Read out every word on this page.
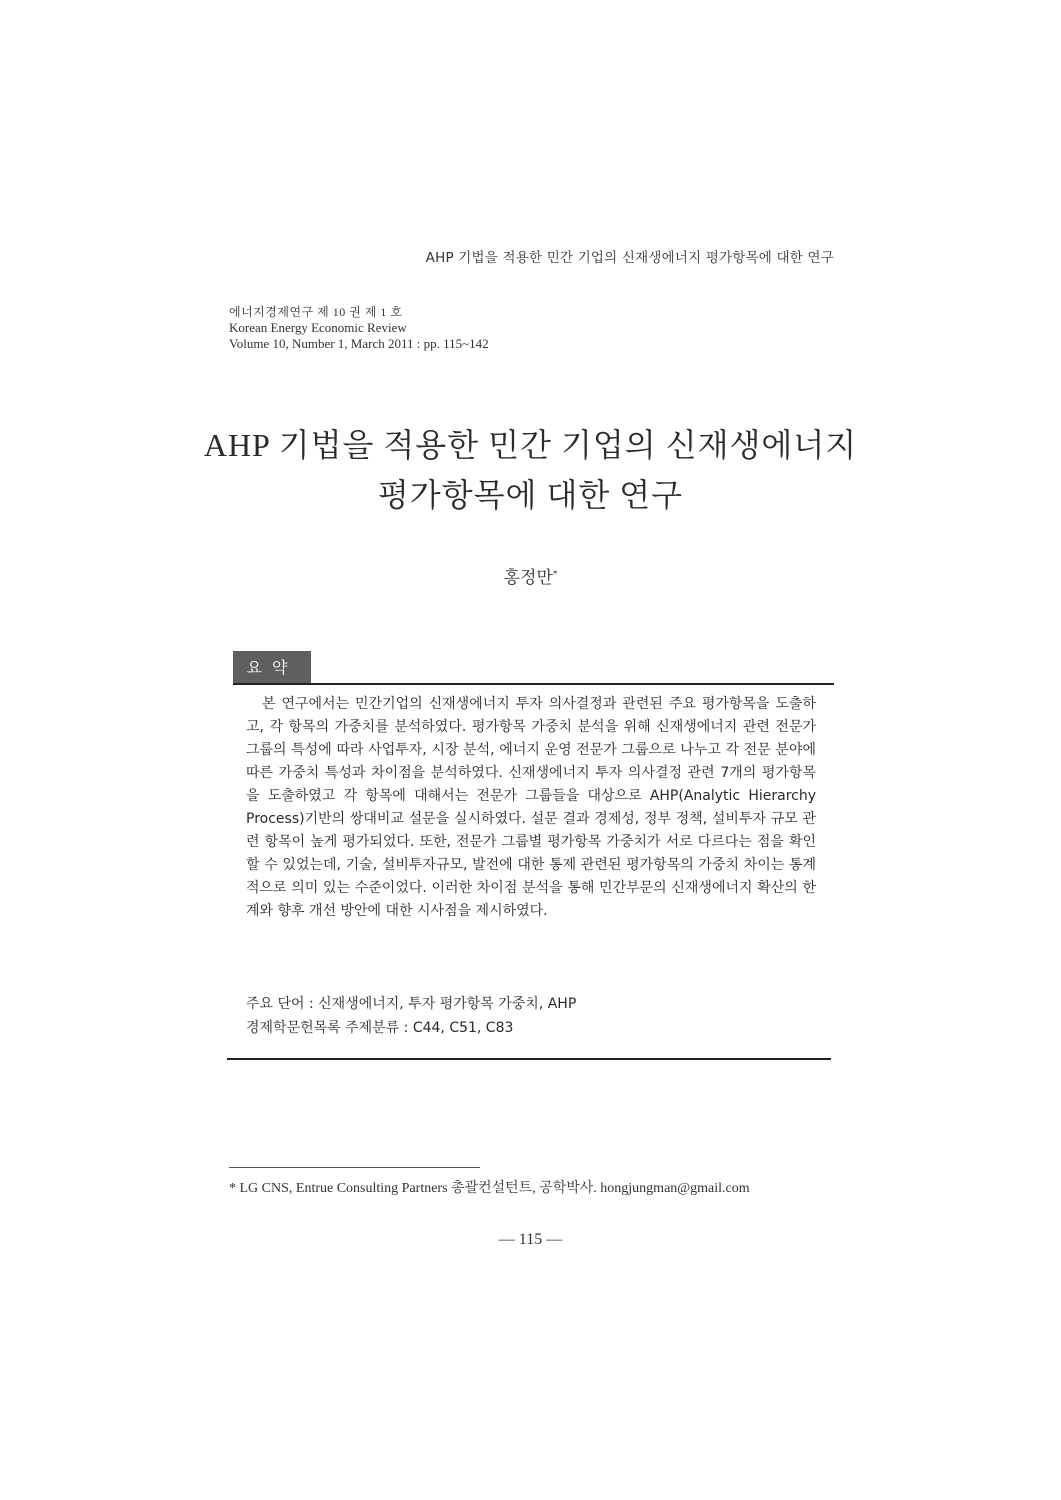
AHP 기법을 적용한 민간 기업의 신재생에너지 평가항목에 대한 연구
에너지경제연구 제 10 권 제 1 호
Korean Energy Economic Review
Volume 10, Number 1, March 2011 : pp. 115~142
AHP 기법을 적용한 민간 기업의 신재생에너지
평가항목에 대한 연구
홍정만*
요약
본 연구에서는 민간기업의 신재생에너지 투자 의사결정과 관련된 주요 평가항목을 도출하고, 각 항목의 가중치를 분석하였다. 평가항목 가중치 분석을 위해 신재생에너지 관련 전문가 그룹의 특성에 따라 사업투자, 시장 분석, 에너지 운영 전문가 그룹으로 나누고 각 전문 분야에 따른 가중치 특성과 차이점을 분석하였다. 신재생에너지 투자 의사결정 관련 7개의 평가항목을 도출하였고 각 항목에 대해서는 전문가 그룹들을 대상으로 AHP(Analytic Hierarchy Process)기반의 쌍대비교 설문을 실시하였다. 설문 결과 경제성, 정부 정책, 설비투자 규모 관련 항목이 높게 평가되었다. 또한, 전문가 그룹별 평가항목 가중치가 서로 다르다는 점을 확인할 수 있었는데, 기술, 설비투자규모, 발전에 대한 통제 관련된 평가항목의 가중치 차이는 통계적으로 의미 있는 수준이었다. 이러한 차이점 분석을 통해 민간부문의 신재생에너지 확산의 한계와 향후 개선 방안에 대한 시사점을 제시하였다.
주요 단어 : 신재생에너지, 투자 평가항목 가중치, AHP
경제학문헌목록 주제분류 : C44, C51, C83
* LG CNS, Entrue Consulting Partners 총괄컨설턴트, 공학박사. hongjungman@gmail.com
― 115 ―
